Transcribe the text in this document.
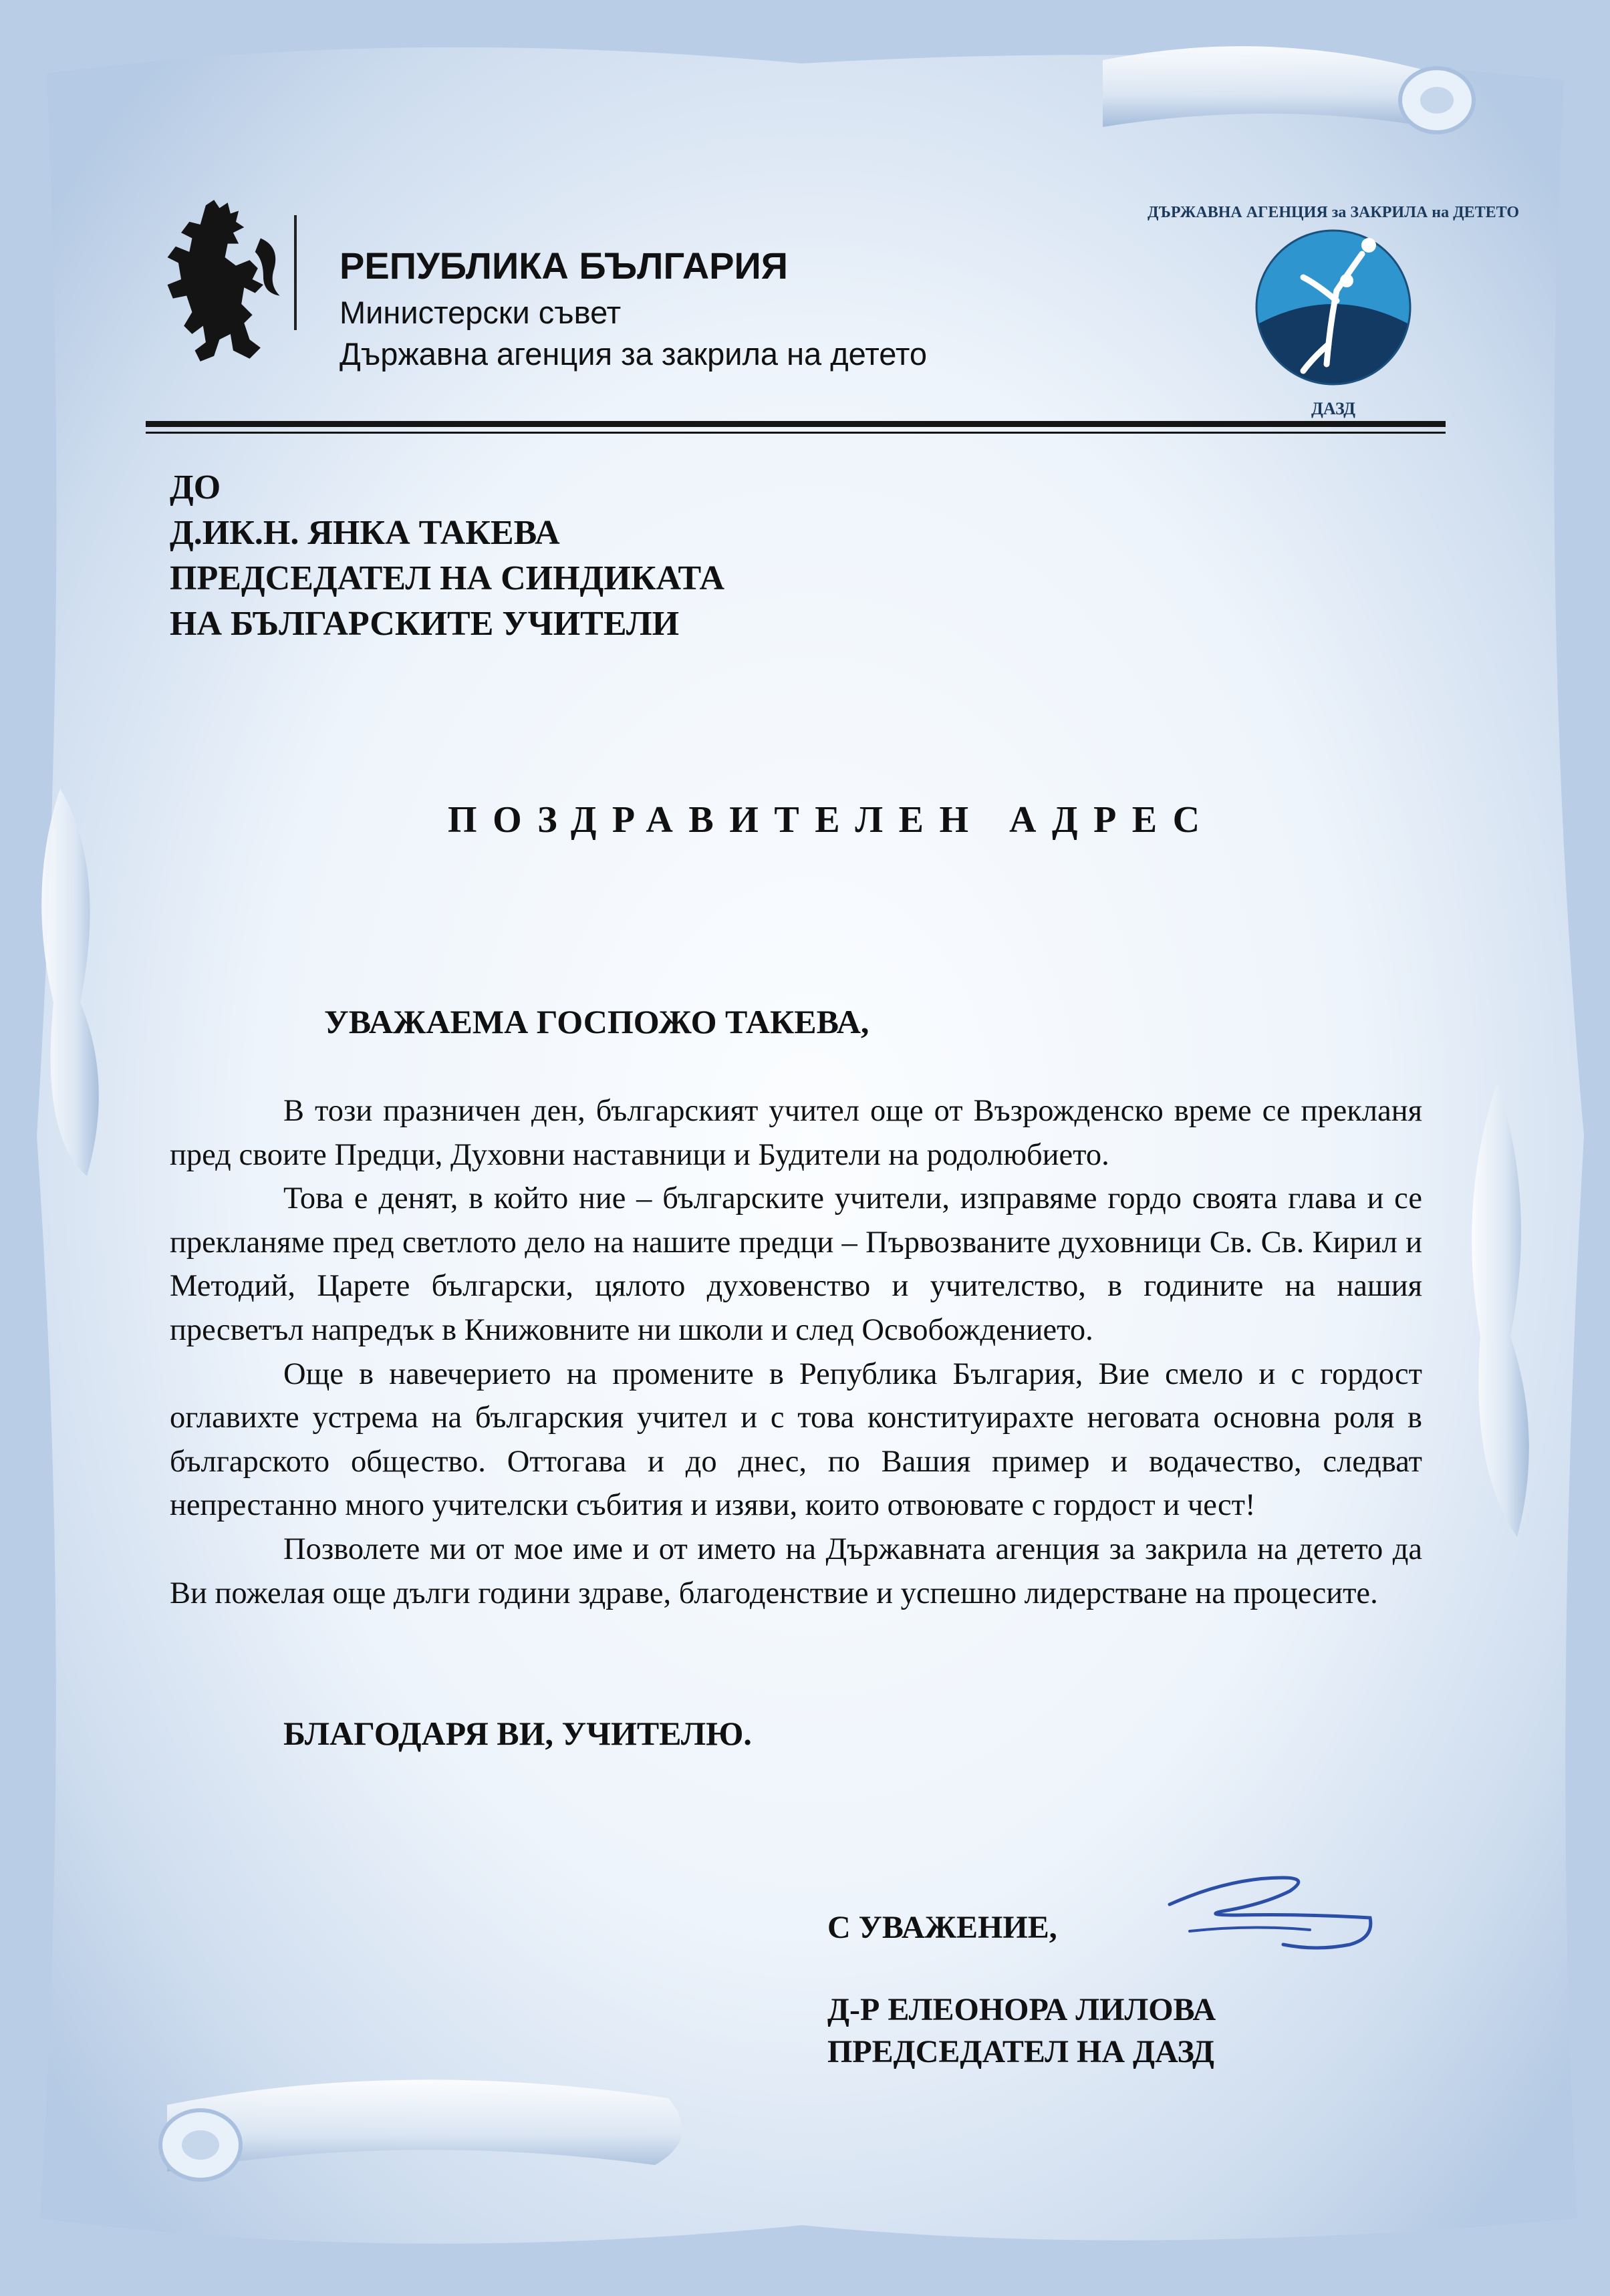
РЕПУБЛИКА БЪЛГАРИЯ
Министерски съвет
Държавна агенция за закрила на детето
ДЪРЖАВНА АГЕНЦИЯ за ЗАКРИЛА на ДЕТЕТО
ДАЗД
ДО
Д.ИК.Н. ЯНКА ТАКЕВА
ПРЕДСЕДАТЕЛ НА СИНДИКАТА
НА БЪЛГАРСКИТЕ УЧИТЕЛИ
ПОЗДРАВИТЕЛЕН АДРЕС
УВАЖАЕМА ГОСПОЖО ТАКЕВА,

В този празничен ден, българският учител още от Възрожденско време се прекланя пред своите Предци, Духовни наставници и Будители на родолюбието.

Това е денят, в който ние – българските учители, изправяме гордо своята глава и се прекланяме пред светлото дело на нашите предци – Първозваните духовници Св. Св. Кирил и Методий, Царете български, цялото духовенство и учителство, в годините на нашия пресветъл напредък в Книжовните ни школи и след Освобождението.

Още в навечерието на промените в Република България, Вие смело и с гордост оглавихте устрема на българския учител и с това конституирахте неговата основна роля в българското общество. Оттогава и до днес, по Вашия пример и водачество, следват непрестанно много учителски събития и изяви, които отвоювате с гордост и чест!

Позволете ми от мое име и от името на Държавната агенция за закрила на детето да Ви пожелая още дълги години здраве, благоденствие и успешно лидерстване на процесите.

БЛАГОДАРЯ ВИ, УЧИТЕЛЮ.
С УВАЖЕНИЕ,
Д-Р ЕЛЕОНОРА ЛИЛОВА
ПРЕДСЕДАТЕЛ НА ДАЗД
